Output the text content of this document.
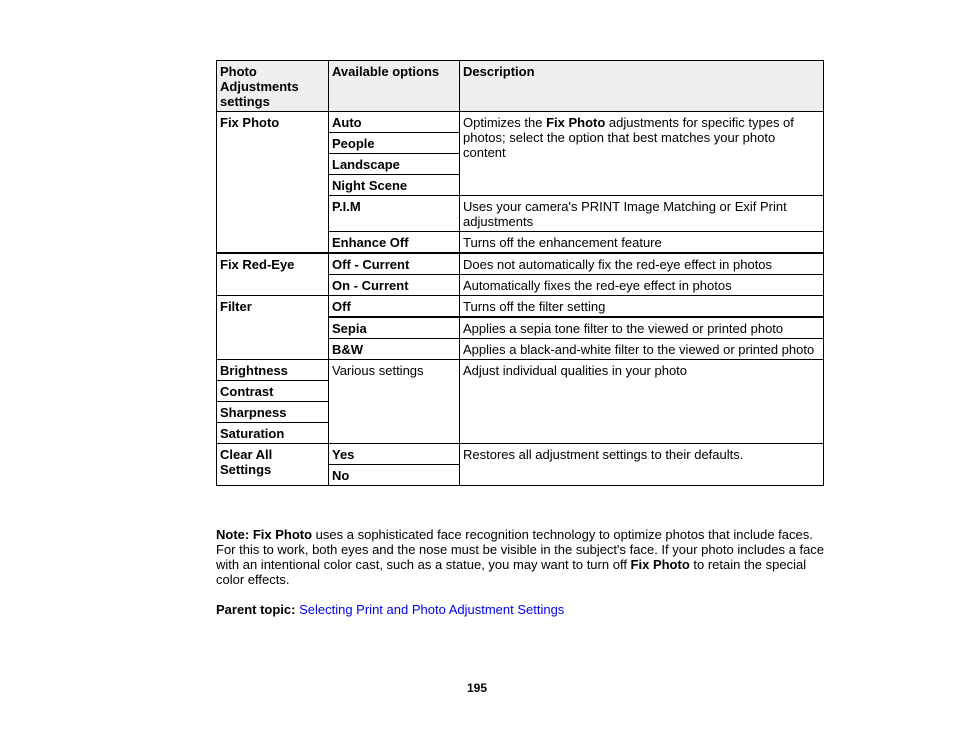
Photo Adjustments settings	Available options	Description
Fix Photo	Auto	Optimizes the Fix Photo adjustments for specific types of photos; select the option that best matches your photo content
	People	
	Landscape	
	Night Scene	
	P.I.M	Uses your camera's PRINT Image Matching or Exif Print adjustments
	Enhance Off	Turns off the enhancement feature
Fix Red-Eye	Off - Current	Does not automatically fix the red-eye effect in photos
	On - Current	Automatically fixes the red-eye effect in photos
Filter	Off	Turns off the filter setting
	Sepia	Applies a sepia tone filter to the viewed or printed photo
	B&W	Applies a black-and-white filter to the viewed or printed photo
Brightness	Various settings	Adjust individual qualities in your photo
Contrast		
Sharpness		
Saturation		
Clear All Settings	Yes	Restores all adjustment settings to their defaults.
	No	
Note: Fix Photo uses a sophisticated face recognition technology to optimize photos that include faces. For this to work, both eyes and the nose must be visible in the subject's face. If your photo includes a face with an intentional color cast, such as a statue, you may want to turn off Fix Photo to retain the special color effects.
Parent topic: Selecting Print and Photo Adjustment Settings
195
